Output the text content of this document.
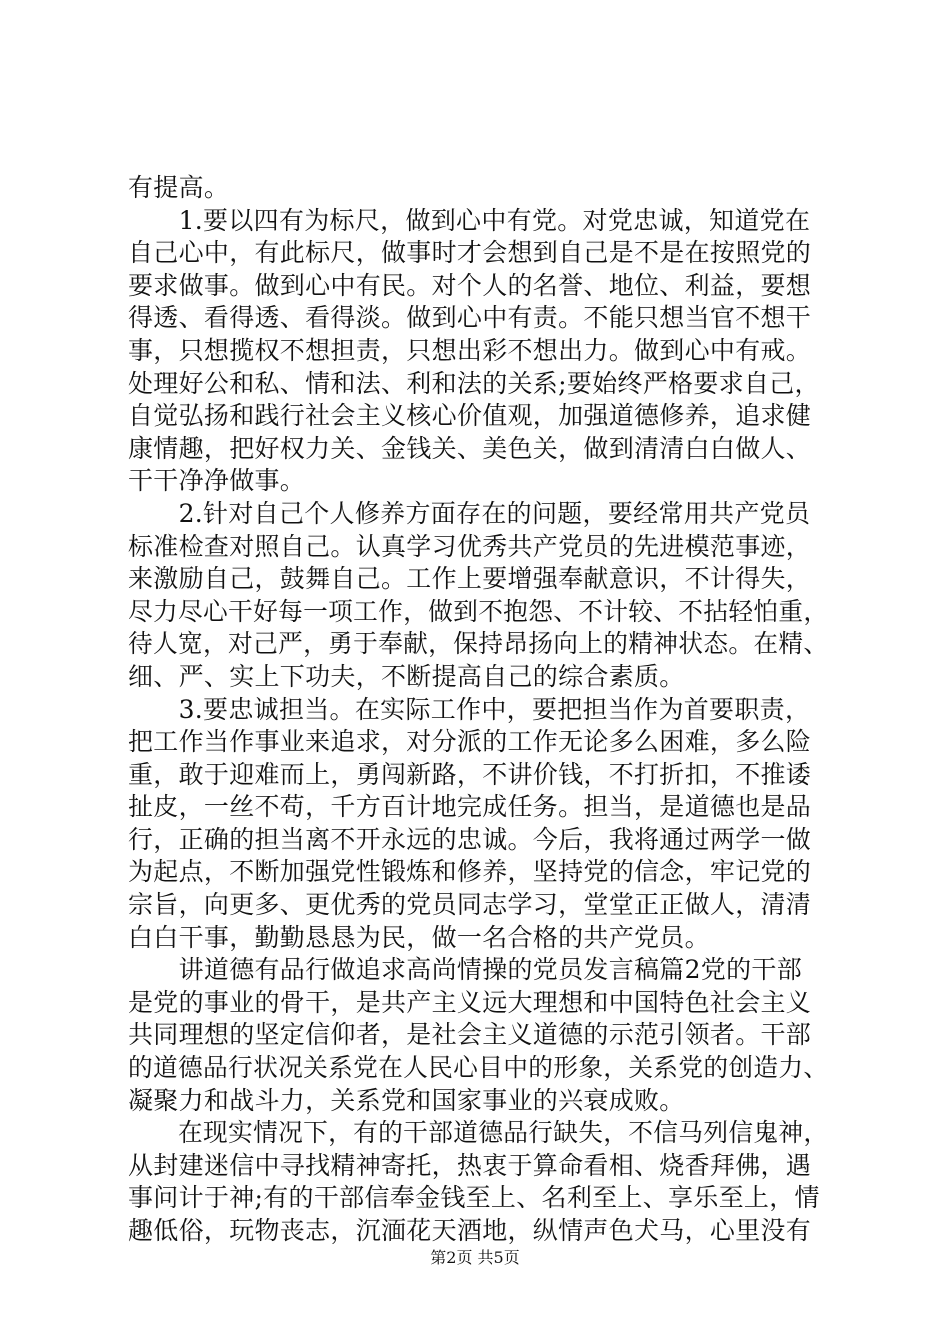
有提高。
　　1.要以四有为标尺，做到心中有党。对党忠诚，知道党在
自己心中，有此标尺，做事时才会想到自己是不是在按照党的
要求做事。做到心中有民。对个人的名誉、地位、利益，要想
得透、看得透、看得淡。做到心中有责。不能只想当官不想干
事，只想揽权不想担责，只想出彩不想出力。做到心中有戒。
处理好公和私、情和法、利和法的关系;要始终严格要求自己，
自觉弘扬和践行社会主义核心价值观，加强道德修养，追求健
康情趣，把好权力关、金钱关、美色关，做到清清白白做人、
干干净净做事。
　　2.针对自己个人修养方面存在的问题，要经常用共产党员
标准检查对照自己。认真学习优秀共产党员的先进模范事迹，
来激励自己，鼓舞自己。工作上要增强奉献意识，不计得失，
尽力尽心干好每一项工作，做到不抱怨、不计较、不拈轻怕重，
待人宽，对己严，勇于奉献，保持昂扬向上的精神状态。在精、
细、严、实上下功夫，不断提高自己的综合素质。
　　3.要忠诚担当。在实际工作中，要把担当作为首要职责，
把工作当作事业来追求，对分派的工作无论多么困难，多么险
重，敢于迎难而上，勇闯新路，不讲价钱，不打折扣，不推诿
扯皮，一丝不苟，千方百计地完成任务。担当，是道德也是品
行，正确的担当离不开永远的忠诚。今后，我将通过两学一做
为起点，不断加强党性锻炼和修养，坚持党的信念，牢记党的
宗旨，向更多、更优秀的党员同志学习，堂堂正正做人，清清
白白干事，勤勤恳恳为民，做一名合格的共产党员。
　　讲道德有品行做追求高尚情操的党员发言稿篇2党的干部
是党的事业的骨干，是共产主义远大理想和中国特色社会主义
共同理想的坚定信仰者，是社会主义道德的示范引领者。干部
的道德品行状况关系党在人民心目中的形象，关系党的创造力、
凝聚力和战斗力，关系党和国家事业的兴衰成败。
　　在现实情况下，有的干部道德品行缺失，不信马列信鬼神，
从封建迷信中寻找精神寄托，热衷于算命看相、烧香拜佛，遇
事问计于神;有的干部信奉金钱至上、名利至上、享乐至上，情
趣低俗，玩物丧志，沉湎花天酒地，纵情声色犬马，心里没有
第2页 共5页
